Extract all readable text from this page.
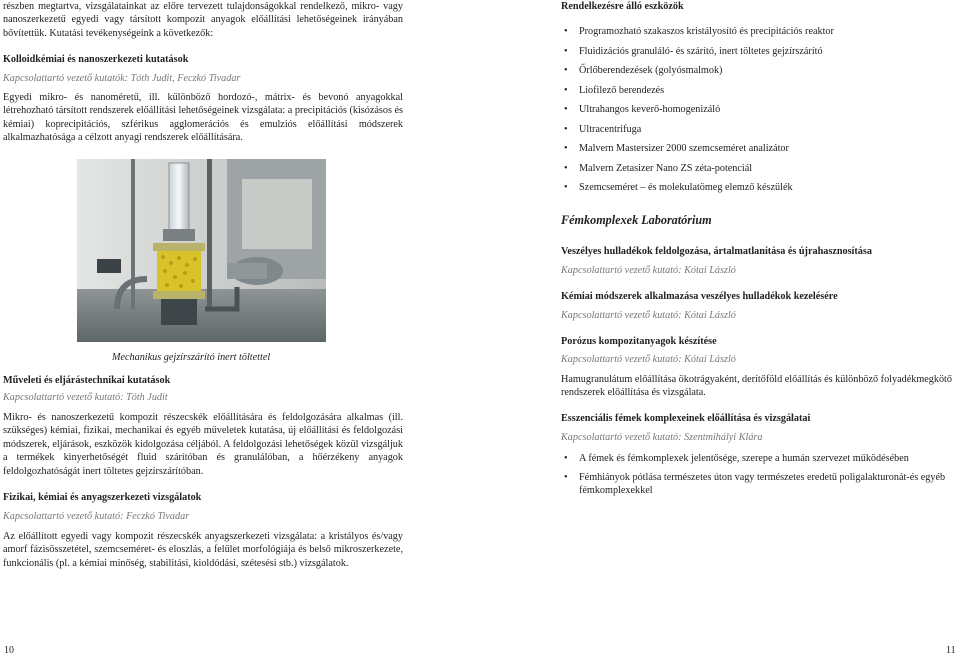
részben megtartva, vizsgálatainkat az előre tervezett tulajdonságokkal rendelkező, mikro- vagy nanoszerkezetű egyedi vagy társított kompozit anyagok előállítási lehetőségeinek irányában bővítettük. Kutatási tevékenységeink a következők:

Kolloidkémiai és nanoszerkezeti kutatások

Kapcsolattartó vezető kutatók: Tóth Judit, Feczkó Tivadar

Egyedi mikro- és nanoméretű, ill. különböző hordozó-, mátrix- és bevonó anyagokkal létrehozható társított rendszerek előállítási lehetőségeinek vizsgálata: a precipitációs (kisózásos és kémiai) koprecipitációs, szférikus agglomerációs és emulziós előállítási módszerek alkalmazhatósága a célzott anyagi rendszerek előállítására.

Műveleti és eljárástechnikai kutatások

Kapcsolattartó vezető kutató: Tóth Judit

Mikro- és nanoszerkezetű kompozit részecskék előállítására és feldolgozására alkalmas (ill. szükséges) kémiai, fizikai, mechanikai és egyéb műveletek kutatása, új előállítási és feldolgozási módszerek, eljárások, eszközök kidolgozása céljából. A feldolgozási lehetőségek közül vizsgáljuk a termékek kinyerhetőségét fluid szárítóban és granulálóban, a hőérzékeny anyagok feldolgozhatóságát inert töltetes gejzírszárítóban.

Fizikai, kémiai és anyagszerkezeti vizsgálatok

Kapcsolattartó vezető kutató: Feczkó Tivadar

Az előállított egyedi vagy kompozit részecskék anyagszerkezeti vizsgálata: a kristályos és/vagy amorf fázisösszetétel, szemcseméret- és eloszlás, a felület morfológiája és belső mikroszerkezete, funkcionális (pl. a kémiai minőség, stabilitási, kioldódási, szétesési stb.) vizsgálatok.

Mechanikus gejzírszárító inert töltettel

10

Rendelkezésre álló eszközök

• Programozható szakaszos kristályosító és precipitációs reaktor
• Fluidizációs granuláló- és szárító, inert töltetes gejzírszárító
• Őrlőberendezések (golyósmalmok)
• Liofilező berendezés
• Ultrahangos keverő-homogenizáló
• Ultracentrifuga
• Malvern Mastersizer 2000 szemcseméret analizátor
• Malvern Zetasizer Nano ZS zéta-potenciál
• Szemcseméret – és molekulatömeg elemző készülék

Fémkomplexek Laboratórium

Veszélyes hulladékok feldolgozása, ártalmatlanítása és újrahasznosítása

Kapcsolattartó vezető kutató: Kótai László

Kémiai módszerek alkalmazása veszélyes hulladékok kezelésére

Kapcsolattartó vezető kutató: Kótai László

Porózus kompozitanyagok készítése

Kapcsolattartó vezető kutató: Kótai László

Hamugranulátum előállítása ökotrágyaként, derítőföld előállítás és különböző folyadékmegkötő rendszerek előállítása és vizsgálata.

Esszenciális fémek komplexeinek előállítása és vizsgálatai

Kapcsolattartó vezető kutató: Szentmihályi Klára

• A fémek és fémkomplexek jelentősége, szerepe a humán szervezet működésében
• Fémhiányok pótlása természetes úton vagy természetes eredetű poligalakturonát-és egyéb fémkomplexekkel
11
